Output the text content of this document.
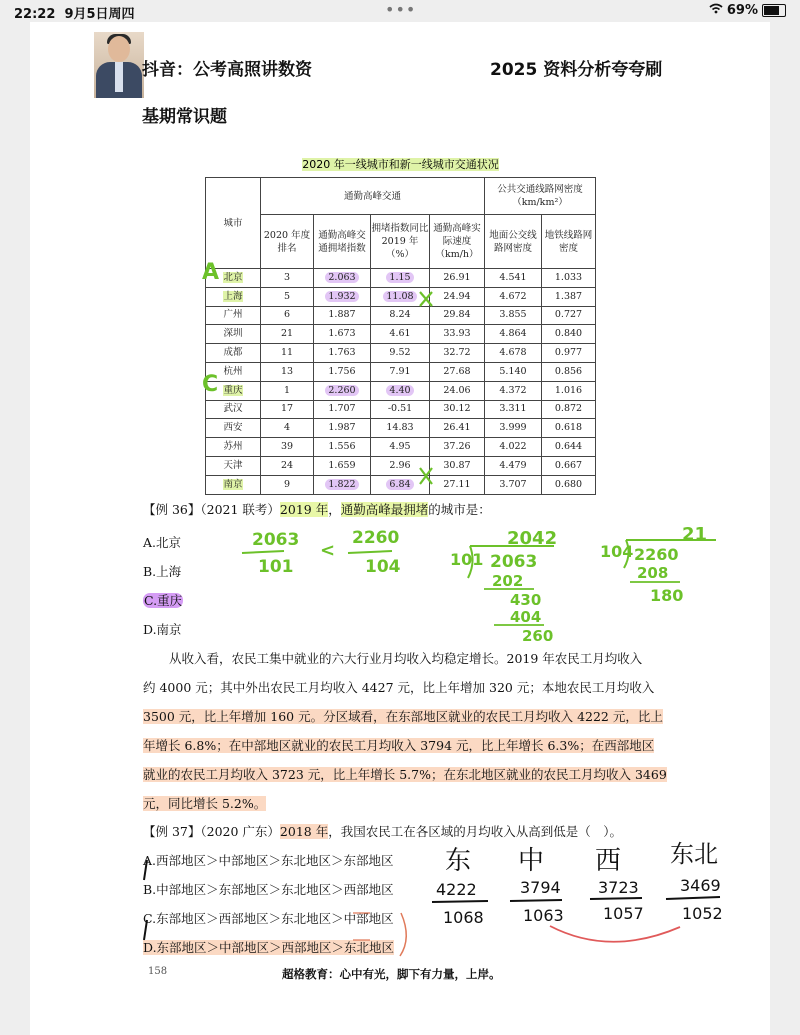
22:22 9月5日周四	•••	69%
抖音：公考高照讲数资	2025 资料分析夸夸刷
基期常识题
2020 年一线城市和新一线城市交通状况
城市	通勤高峰交通				公共交通线路网密度（km/km²）	
	2020 年度排名	通勤高峰交通拥堵指数	拥堵指数同比 2019 年（%）	通勤高峰实际速度（km/h）	地面公交线路网密度	地铁线路网密度
北京	3	2.063	1.15	26.91	4.541	1.033
上海	5	1.932	11.08	24.94	4.672	1.387
广州	6	1.887	8.24	29.84	3.855	0.727
深圳	21	1.673	4.61	33.93	4.864	0.840
成都	11	1.763	9.52	32.72	4.678	0.977
杭州	13	1.756	7.91	27.68	5.140	0.856
重庆	1	2.260	4.40	24.06	4.372	1.016
武汉	17	1.707	-0.51	30.12	3.311	0.872
西安	4	1.987	14.83	26.41	3.999	0.618
苏州	39	1.556	4.95	37.26	4.022	0.644
天津	24	1.659	2.96	30.87	4.479	0.667
南京	9	1.822	6.84	27.11	3.707	0.680
【例 36】（2021 联考）2019 年，通勤高峰最拥堵的城市是：
A.北京
B.上海
C.重庆
D.南京
从收入看，农民工集中就业的六大行业月均收入均稳定增长。2019 年农民工月均收入
约 4000 元；其中外出农民工月均收入 4427 元，比上年增加 320 元；本地农民工月均收入
3500 元，比上年增加 160 元。分区域看，在东部地区就业的农民工月均收入 4222 元，比上
年增长 6.8%；在中部地区就业的农民工月均收入 3794 元，比上年增长 6.3%；在西部地区
就业的农民工月均收入 3723 元，比上年增长 5.7%；在东北地区就业的农民工月均收入 3469
元，同比增长 5.2%。
【例 37】（2020 广东）2018 年，我国农民工在各区域的月均收入从高到低是（　）。
A.西部地区＞中部地区＞东北地区＞东部地区
B.中部地区＞东部地区＞东北地区＞西部地区
C.东部地区＞西部地区＞东北地区＞中部地区
D.东部地区＞中部地区＞西部地区＞东北地区
158	超格教育：心中有光，脚下有力量，上岸。
A
C
2063
101
<
2260
104
2042
101 2063
202
430
404
260
21
104 2260
208
180
东 中 西 东北
4222	3794 3723	3469
1068 1063 1057 1052
